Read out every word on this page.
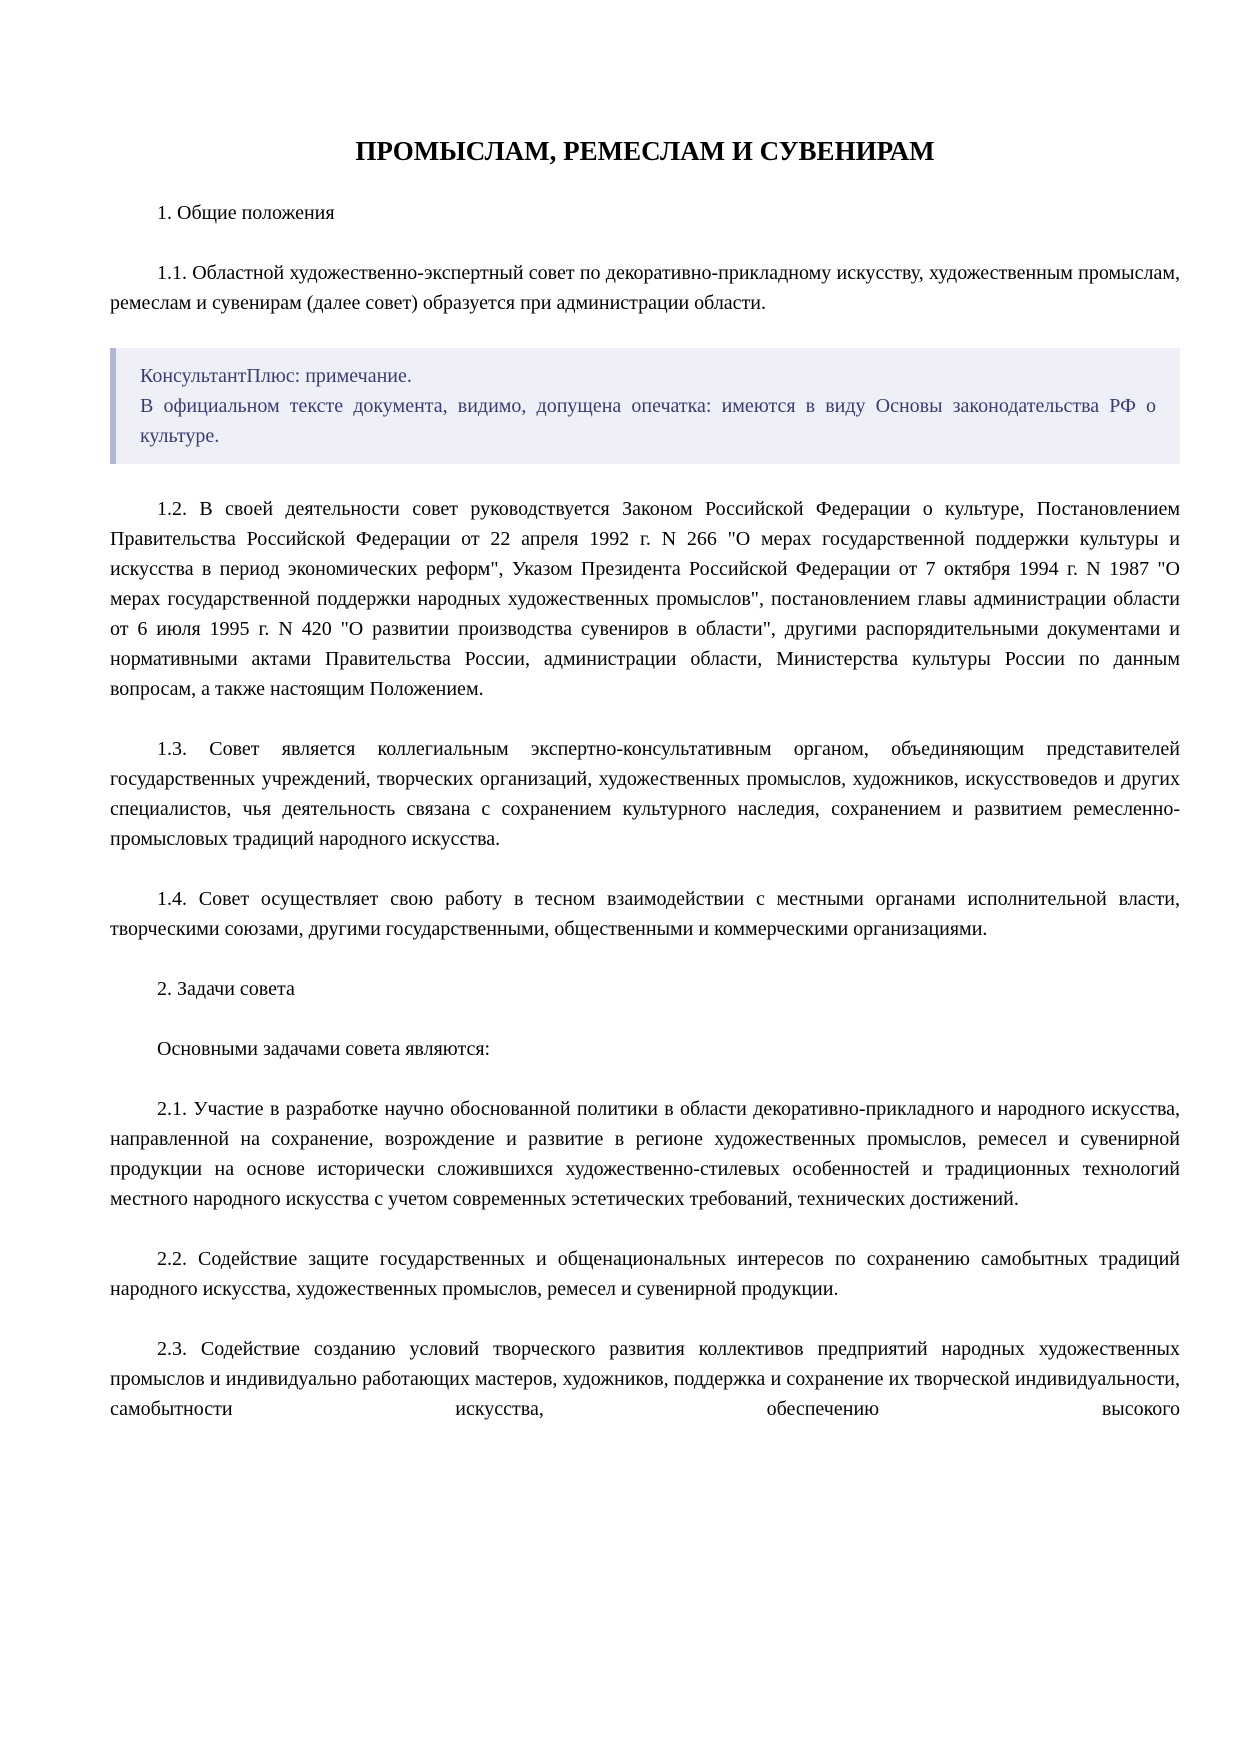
ПРОМЫСЛАМ, РЕМЕСЛАМ И СУВЕНИРАМ

1. Общие положения

1.1. Областной художественно-экспертный совет по декоративно-прикладному искусству, художественным промыслам, ремеслам и сувенирам (далее совет) образуется при администрации области.

КонсультантПлюс: примечание.

В официальном тексте документа, видимо, допущена опечатка: имеются в виду Основы законодательства РФ о культуре.

1.2. В своей деятельности совет руководствуется Законом Российской Федерации о культуре, Постановлением Правительства Российской Федерации от 22 апреля 1992 г. N 266 "О мерах государственной поддержки культуры и искусства в период экономических реформ", Указом Президента Российской Федерации от 7 октября 1994 г. N 1987 "О мерах государственной поддержки народных художественных промыслов", постановлением главы администрации области от 6 июля 1995 г. N 420 "О развитии производства сувениров в области", другими распорядительными документами и нормативными актами Правительства России, администрации области, Министерства культуры России по данным вопросам, а также настоящим Положением.

1.3. Совет является коллегиальным экспертно-консультативным органом, объединяющим представителей государственных учреждений, творческих организаций, художественных промыслов, художников, искусствоведов и других специалистов, чья деятельность связана с сохранением культурного наследия, сохранением и развитием ремесленно-промысловых традиций народного искусства.

1.4. Совет осуществляет свою работу в тесном взаимодействии с местными органами исполнительной власти, творческими союзами, другими государственными, общественными и коммерческими организациями.

2. Задачи совета

Основными задачами совета являются:

2.1. Участие в разработке научно обоснованной политики в области декоративно-прикладного и народного искусства, направленной на сохранение, возрождение и развитие в регионе художественных промыслов, ремесел и сувенирной продукции на основе исторически сложившихся художественно-стилевых особенностей и традиционных технологий местного народного искусства с учетом современных эстетических требований, технических достижений.

2.2. Содействие защите государственных и общенациональных интересов по сохранению самобытных традиций народного искусства, художественных промыслов, ремесел и сувенирной продукции.

2.3. Содействие созданию условий творческого развития коллективов предприятий народных художественных промыслов и индивидуально работающих мастеров, художников, поддержка и сохранение их творческой индивидуальности, самобытности искусства, обеспечению высокого
